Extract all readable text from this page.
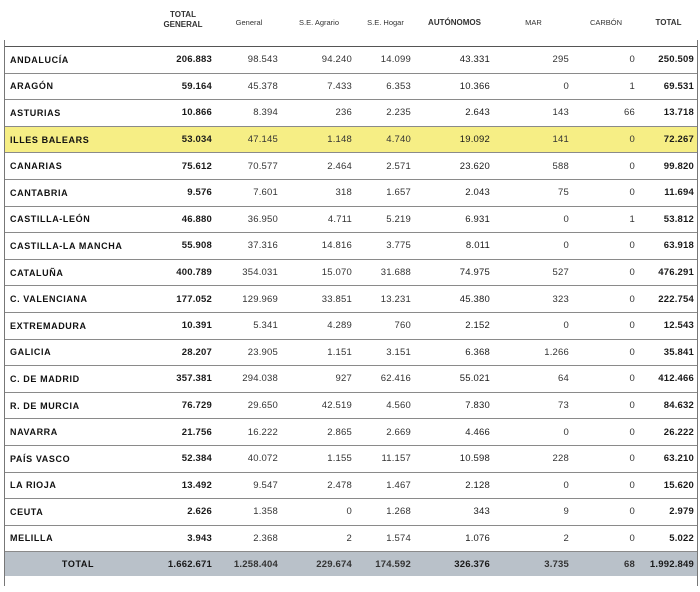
	TOTAL GENERAL	General	S.E. Agrario	S.E. Hogar	AUTÓNOMOS	MAR	CARBÓN	TOTAL
ANDALUCÍA	206.883	98.543	94.240	14.099	43.331	295	0	250.509
ARAGÓN	59.164	45.378	7.433	6.353	10.366	0	1	69.531
ASTURIAS	10.866	8.394	236	2.235	2.643	143	66	13.718
ILLES BALEARS	53.034	47.145	1.148	4.740	19.092	141	0	72.267
CANARIAS	75.612	70.577	2.464	2.571	23.620	588	0	99.820
CANTABRIA	9.576	7.601	318	1.657	2.043	75	0	11.694
CASTILLA-LEÓN	46.880	36.950	4.711	5.219	6.931	0	1	53.812
CASTILLA-LA MANCHA	55.908	37.316	14.816	3.775	8.011	0	0	63.918
CATALUÑA	400.789	354.031	15.070	31.688	74.975	527	0	476.291
C. VALENCIANA	177.052	129.969	33.851	13.231	45.380	323	0	222.754
EXTREMADURA	10.391	5.341	4.289	760	2.152	0	0	12.543
GALICIA	28.207	23.905	1.151	3.151	6.368	1.266	0	35.841
C. DE MADRID	357.381	294.038	927	62.416	55.021	64	0	412.466
R. DE MURCIA	76.729	29.650	42.519	4.560	7.830	73	0	84.632
NAVARRA	21.756	16.222	2.865	2.669	4.466	0	0	26.222
PAÍS VASCO	52.384	40.072	1.155	11.157	10.598	228	0	63.210
LA RIOJA	13.492	9.547	2.478	1.467	2.128	0	0	15.620
CEUTA	2.626	1.358	0	1.268	343	9	0	2.979
MELILLA	3.943	2.368	2	1.574	1.076	2	0	5.022
TOTAL	1.662.671	1.258.404	229.674	174.592	326.376	3.735	68	1.992.849
